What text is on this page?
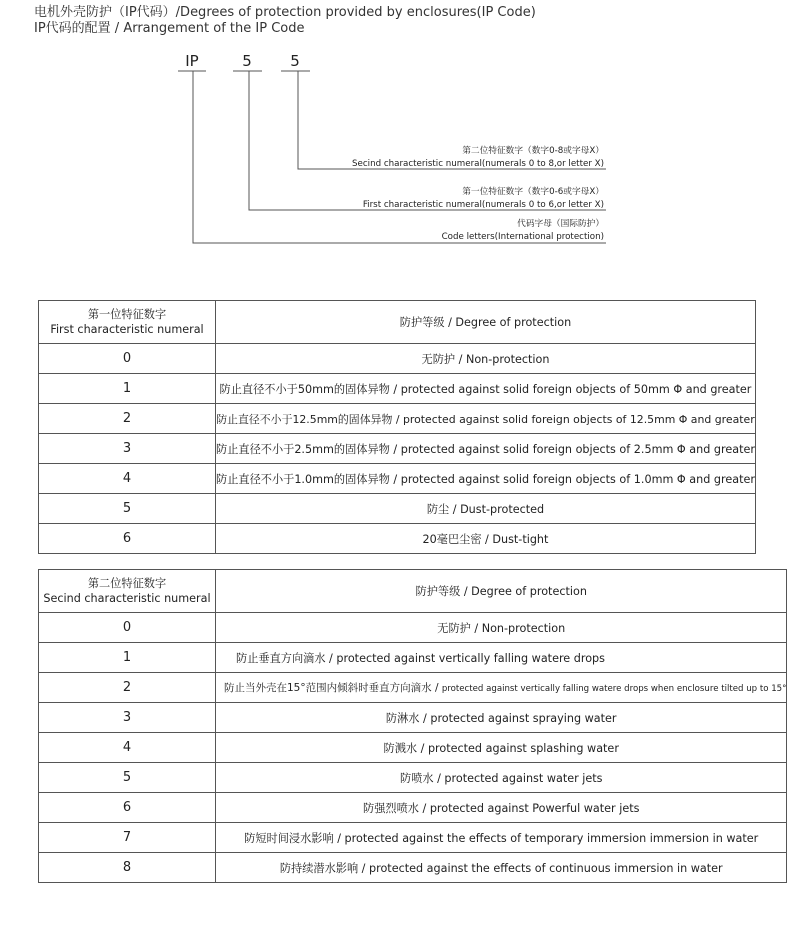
电机外壳防护（IP代码）/Degrees of protection provided by enclosures(IP Code)
IP代码的配置 / Arrangement of the IP Code
IP	5	5
第二位特征数字（数字0-8或字母X）
Secind characteristic numeral(numerals 0 to 8,or letter X)
第一位特征数字（数字0-6或字母X）
First characteristic numeral(numerals 0 to 6,or letter X)
代码字母（国际防护）
Code letters(International protection)
第一位特征数字
First characteristic numeral	防护等级 / Degree of protection
0	无防护 / Non-protection
1	防止直径不小于50mm的固体异物 / protected against solid foreign objects of 50mm Φ and greater
2	防止直径不小于12.5mm的固体异物 / protected against solid foreign objects of 12.5mm Φ and greater
3	防止直径不小于2.5mm的固体异物 / protected against solid foreign objects of 2.5mm Φ and greater
4	防止直径不小于1.0mm的固体异物 / protected against solid foreign objects of 1.0mm Φ and greater
5	防尘 / Dust-protected
6	20毫巴尘密 / Dust-tight
第二位特征数字
Secind characteristic numeral	防护等级 / Degree of protection
0	无防护 / Non-protection
1	防止垂直方向滴水 / protected against vertically falling watere drops
2	防止当外壳在15°范围内倾斜时垂直方向滴水 / protected against vertically falling watere drops when enclosure tilted up to 15°
3	防淋水 / protected against spraying water
4	防溅水 / protected against splashing water
5	防喷水 / protected against water jets
6	防强烈喷水 / protected against Powerful water jets
7	防短时间浸水影响 / protected against the effects of temporary immersion immersion in water
8	防持续潜水影响 / protected against the effects of continuous immersion in water
